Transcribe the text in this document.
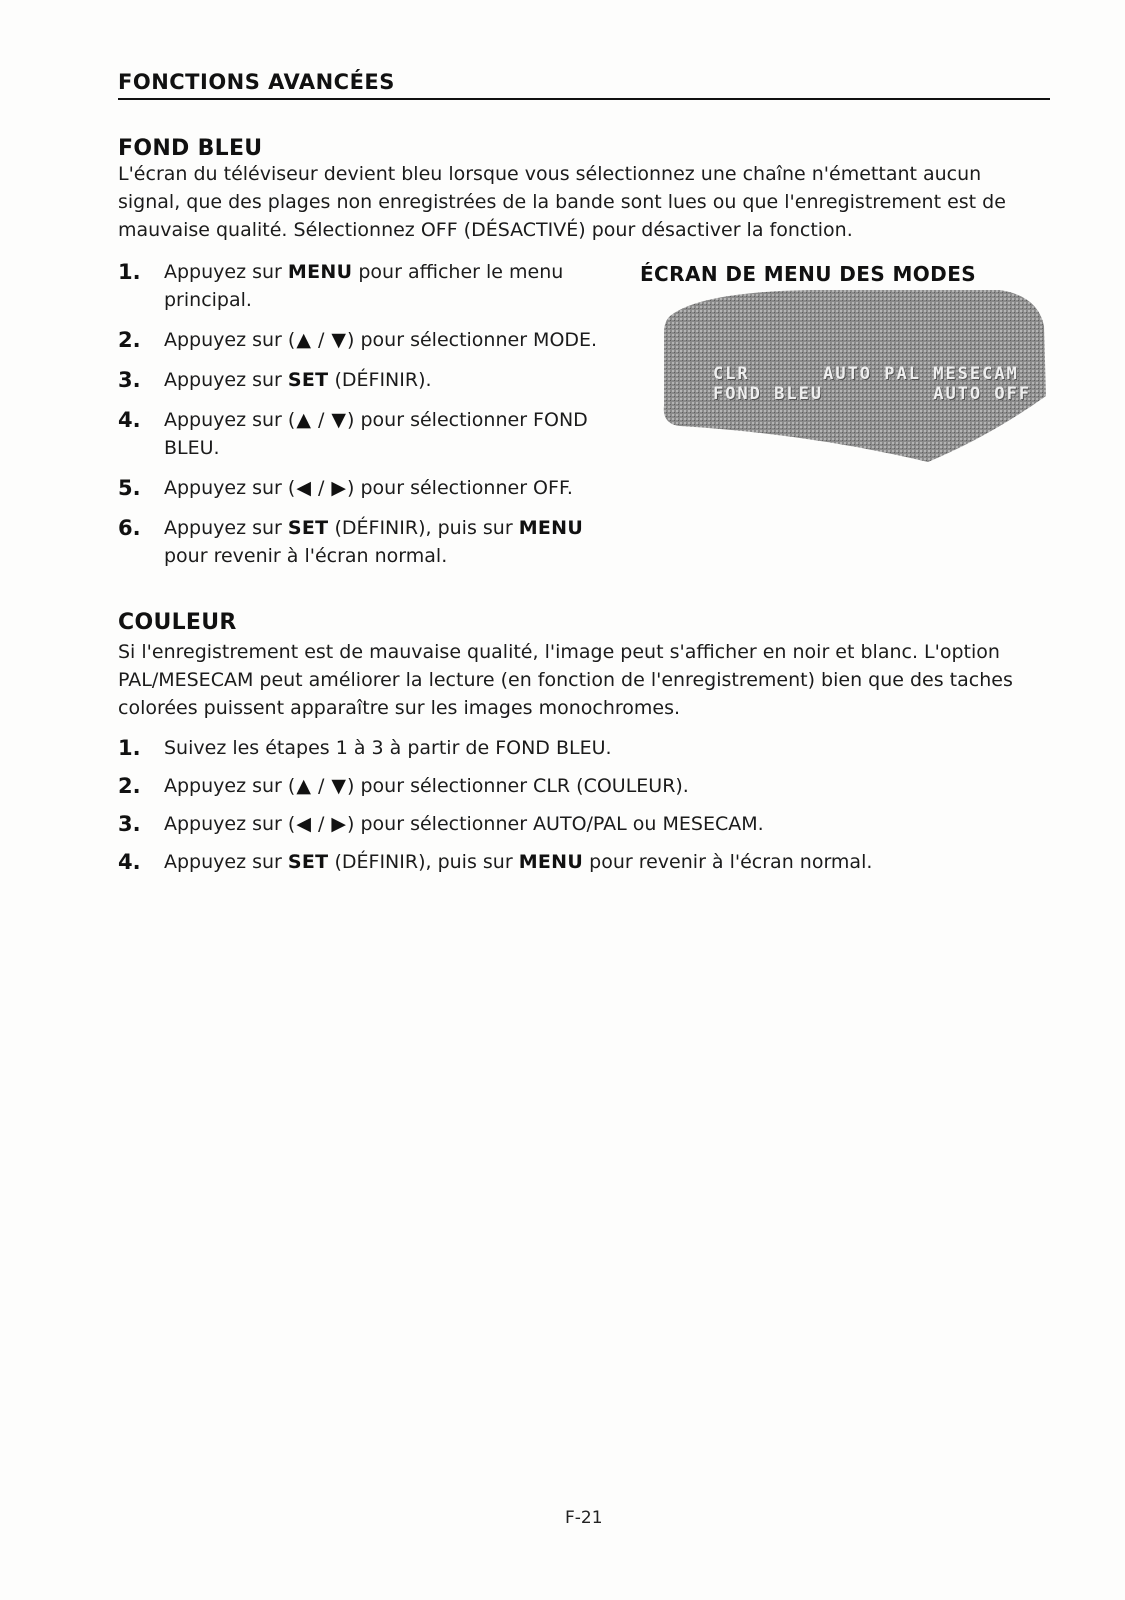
FONCTIONS AVANCÉES
FOND BLEU

L'écran du téléviseur devient bleu lorsque vous sélectionnez une chaîne n'émettant aucun signal, que des plages non enregistrées de la bande sont lues ou que l'enregistrement est de mauvaise qualité. Sélectionnez OFF (DÉSACTIVÉ) pour désactiver la fonction.

1. Appuyez sur MENU pour afficher le menu principal.
2. Appuyez sur (▲ / ▼) pour sélectionner MODE.
3. Appuyez sur SET (DÉFINIR).
4. Appuyez sur (▲ / ▼) pour sélectionner FOND BLEU.
5. Appuyez sur (◀ / ▶) pour sélectionner OFF.
6. Appuyez sur SET (DÉFINIR), puis sur MENU pour revenir à l'écran normal.
ÉCRAN DE MENU DES MODES

CLR	AUTO PAL MESECAM

FOND BLEU	AUTO OFF

COULEUR

Si l'enregistrement est de mauvaise qualité, l'image peut s'afficher en noir et blanc. L'option PAL/MESECAM peut améliorer la lecture (en fonction de l'enregistrement) bien que des taches colorées puissent apparaître sur les images monochromes.

1. Suivez les étapes 1 à 3 à partir de FOND BLEU.
2. Appuyez sur (▲ / ▼) pour sélectionner CLR (COULEUR).
3. Appuyez sur (◀ / ▶) pour sélectionner AUTO/PAL ou MESECAM.
4. Appuyez sur SET (DÉFINIR), puis sur MENU pour revenir à l'écran normal.
F-21
